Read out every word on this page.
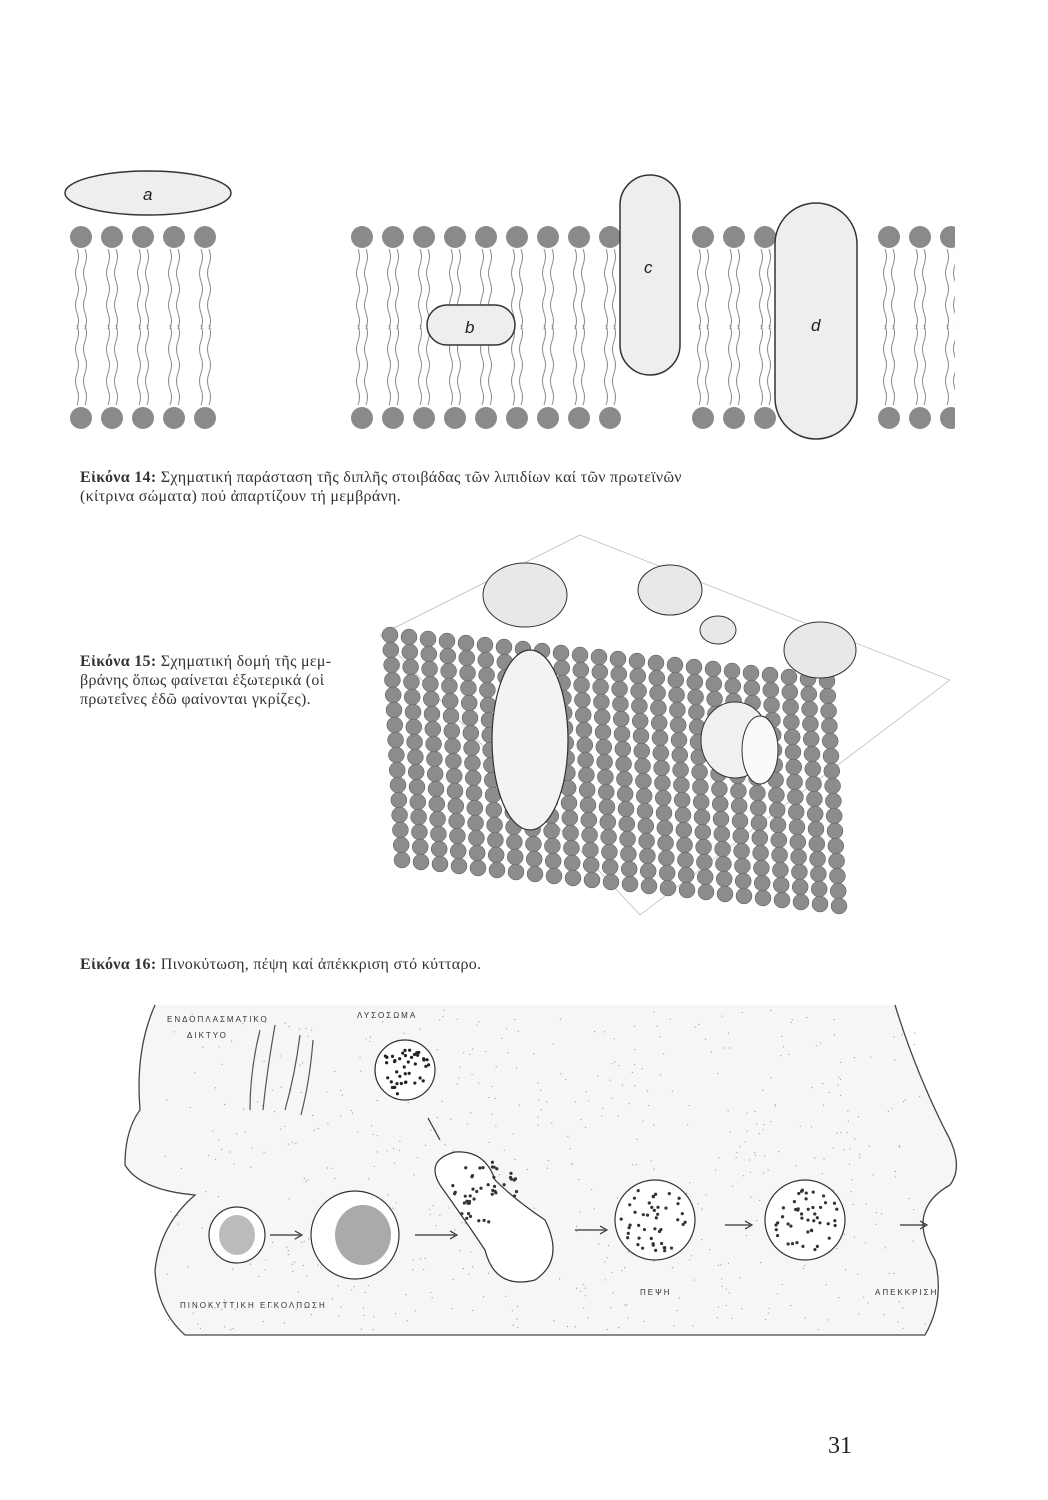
a
b
c
d
Εἰκόνα 14: Σχηματική παράσταση τῆς διπλῆς στοιβάδας τῶν λιπιδίων καί τῶν πρωτεϊνῶν
(κίτρινα σώματα) πού ἀπαρτίζουν τή μεμβράνη.
Εἰκόνα 15: Σχηματική δομή τῆς μεμ-
βράνης ὅπως φαίνεται ἐξωτερικά (οἱ
πρωτεΐνες ἐδῶ φαίνονται γκρίζες).
Εἰκόνα 16: Πινοκύτωση, πέψη καί ἀπέκκριση στό κύτταρο.
ΕΝΔΟΠΛΑΣΜΑΤΙΚΟ
ΔΙΚΤΥΟ
ΛΥΣΟΣΩΜΑ
ΠΙΝΟΚΥΤΤΙΚΗ ΕΓΚΟΛΠΩΣΗ
ΠΕΨΗ	ΑΠΕΚΚΡΙΣΗ
31
